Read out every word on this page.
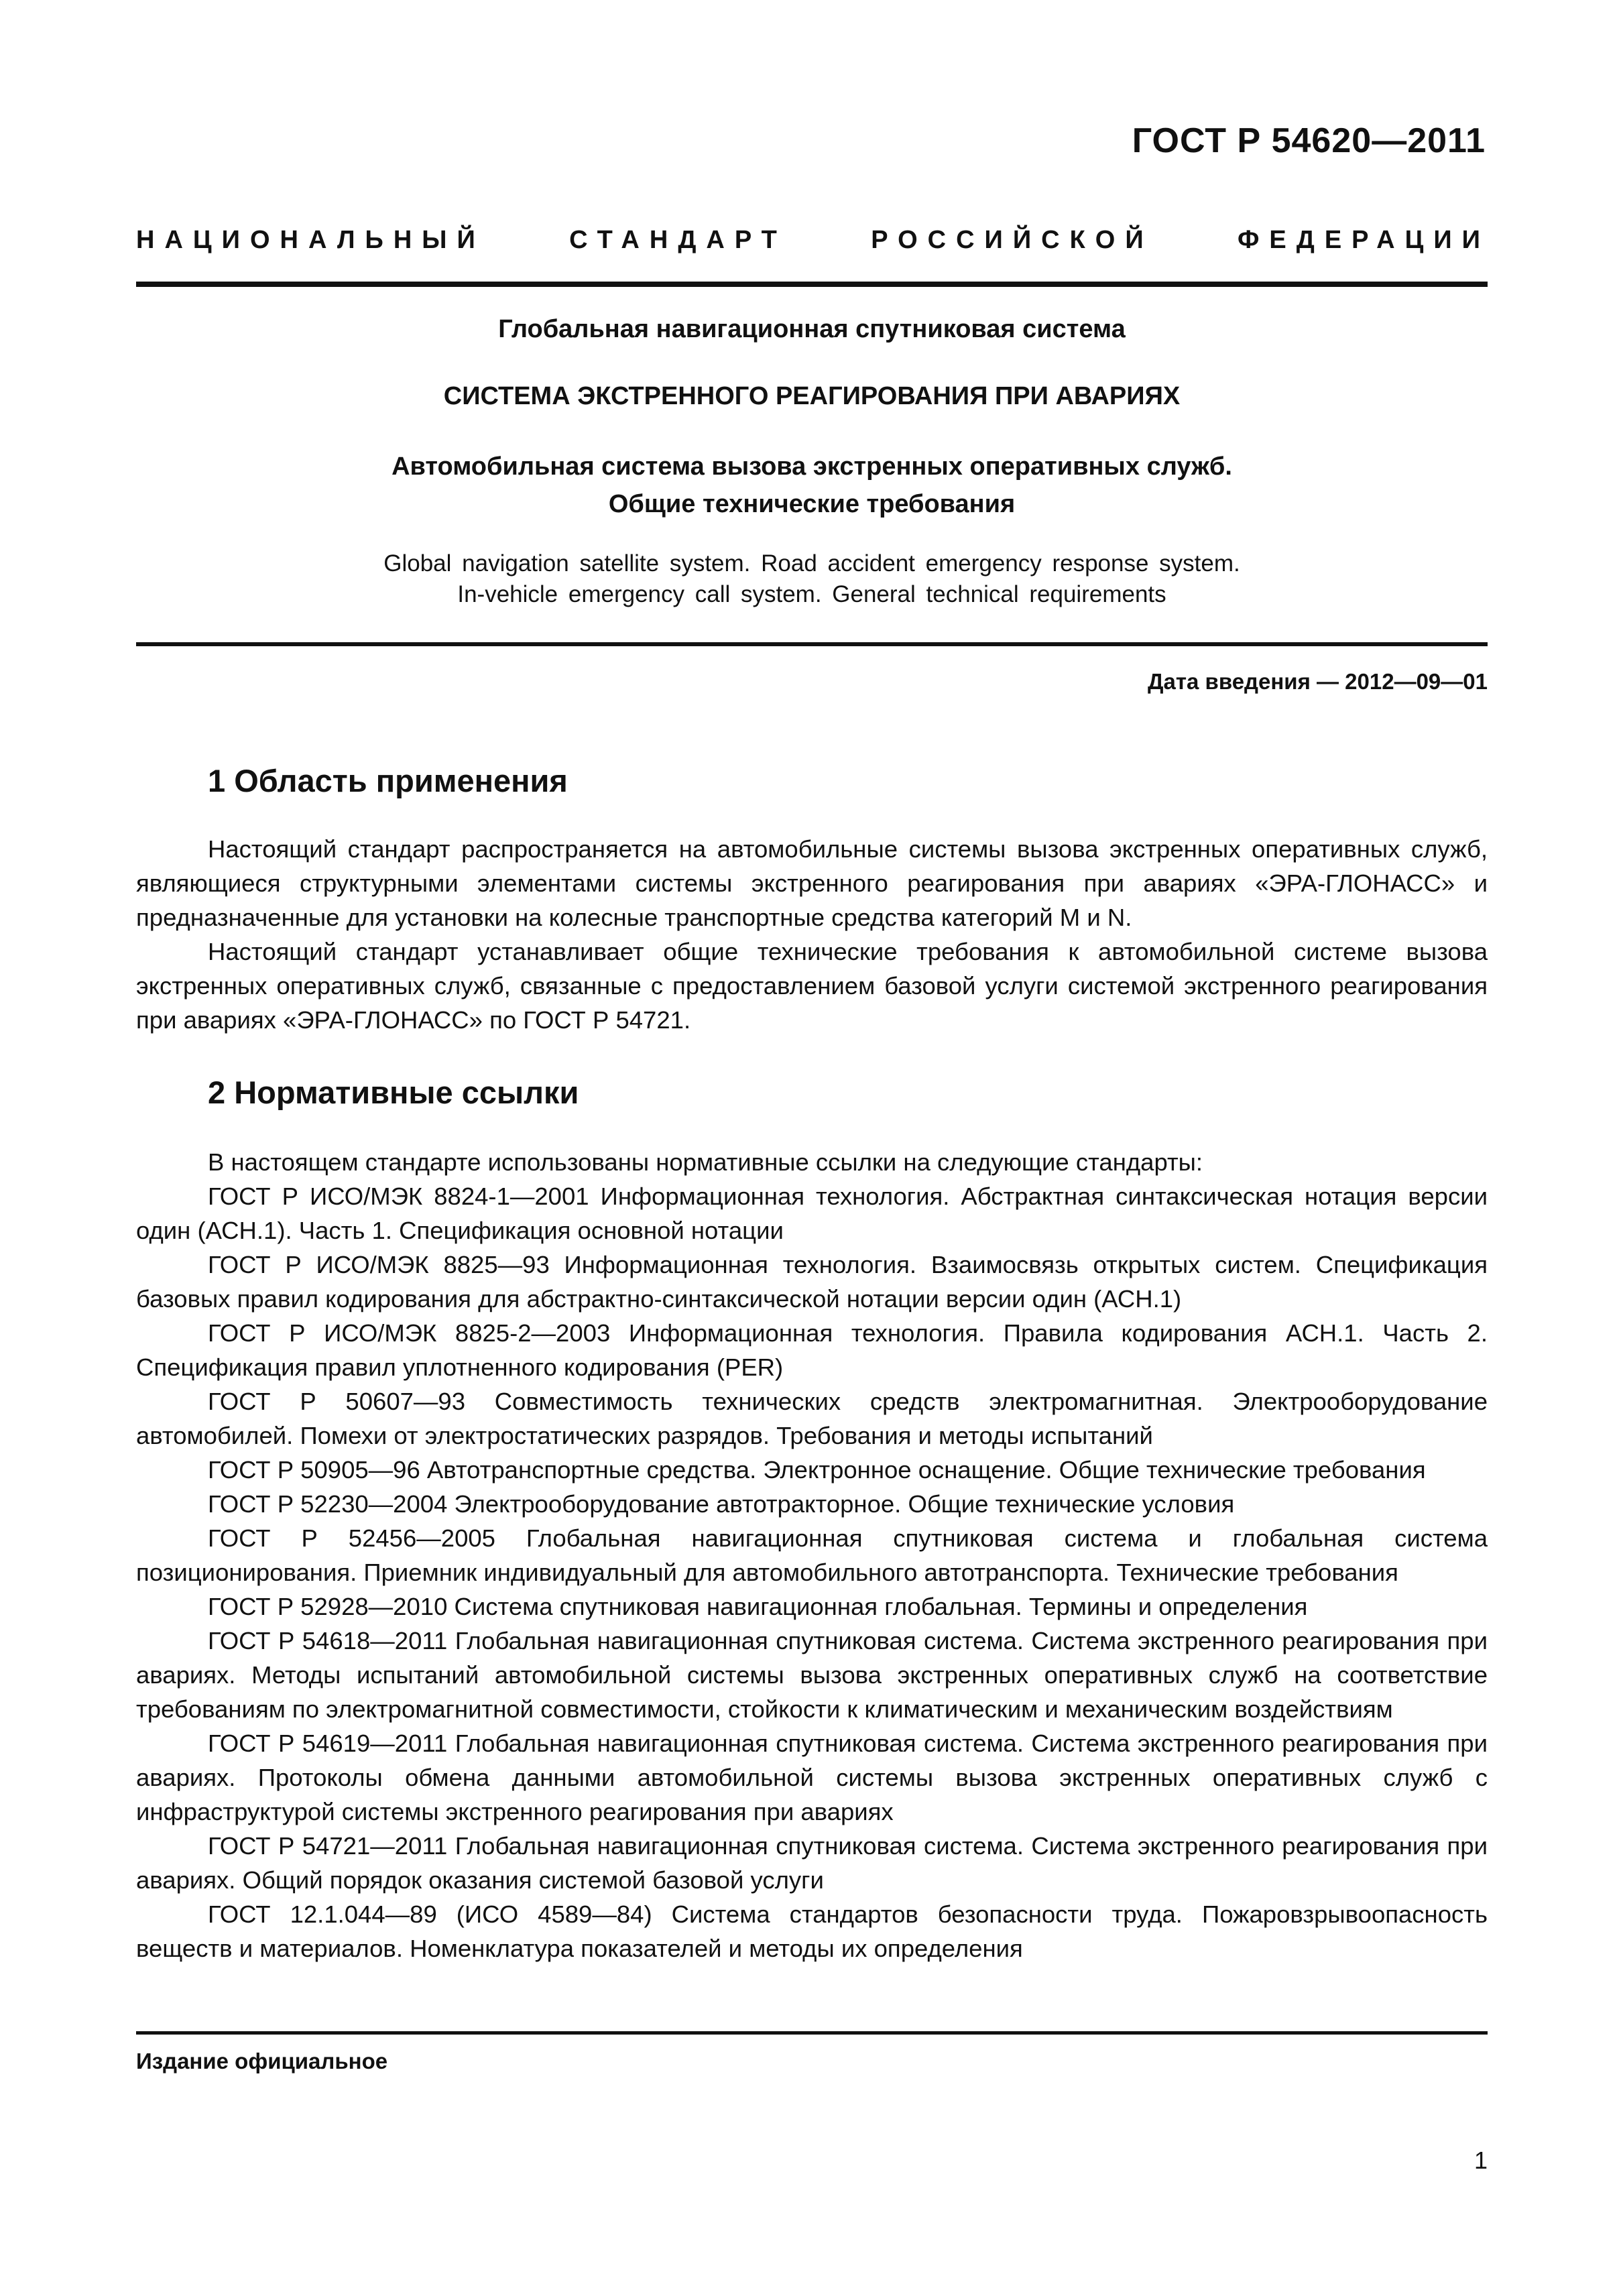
ГОСТ Р 54620—2011
НАЦИОНАЛЬНЫЙ СТАНДАРТ РОССИЙСКОЙ ФЕДЕРАЦИИ
Глобальная навигационная спутниковая система
СИСТЕМА ЭКСТРЕННОГО РЕАГИРОВАНИЯ ПРИ АВАРИЯХ
Автомобильная система вызова экстренных оперативных служб.
Общие технические требования
Global navigation satellite system. Road accident emergency response system.
In-vehicle emergency call system. General technical requirements
Дата введения — 2012—09—01
1 Область применения

Настоящий стандарт распространяется на автомобильные системы вызова экстренных оперативных служб, являющиеся структурными элементами системы экстренного реагирования при авариях «ЭРА-ГЛОНАСС» и предназначенные для установки на колесные транспортные средства категорий M и N.

Настоящий стандарт устанавливает общие технические требования к автомобильной системе вызова экстренных оперативных служб, связанные с предоставлением базовой услуги системой экстренного реагирования при авариях «ЭРА-ГЛОНАСС» по ГОСТ Р 54721.

2 Нормативные ссылки

В настоящем стандарте использованы нормативные ссылки на следующие стандарты:

ГОСТ Р ИСО/МЭК 8824-1—2001 Информационная технология. Абстрактная синтаксическая нотация версии один (АСН.1). Часть 1. Спецификация основной нотации

ГОСТ Р ИСО/МЭК 8825—93 Информационная технология. Взаимосвязь открытых систем. Спецификация базовых правил кодирования для абстрактно-синтаксической нотации версии один (АСН.1)

ГОСТ Р ИСО/МЭК 8825-2—2003 Информационная технология. Правила кодирования АСН.1. Часть 2. Спецификация правил уплотненного кодирования (PER)

ГОСТ Р 50607—93 Совместимость технических средств электромагнитная. Электрооборудование автомобилей. Помехи от электростатических разрядов. Требования и методы испытаний

ГОСТ Р 50905—96 Автотранспортные средства. Электронное оснащение. Общие технические требования

ГОСТ Р 52230—2004 Электрооборудование автотракторное. Общие технические условия

ГОСТ Р 52456—2005 Глобальная навигационная спутниковая система и глобальная система позиционирования. Приемник индивидуальный для автомобильного автотранспорта. Технические требования

ГОСТ Р 52928—2010 Система спутниковая навигационная глобальная. Термины и определения

ГОСТ Р 54618—2011 Глобальная навигационная спутниковая система. Система экстренного реагирования при авариях. Методы испытаний автомобильной системы вызова экстренных оперативных служб на соответствие требованиям по электромагнитной совместимости, стойкости к климатическим и механическим воздействиям

ГОСТ Р 54619—2011 Глобальная навигационная спутниковая система. Система экстренного реагирования при авариях. Протоколы обмена данными автомобильной системы вызова экстренных оперативных служб с инфраструктурой системы экстренного реагирования при авариях

ГОСТ Р 54721—2011 Глобальная навигационная спутниковая система. Система экстренного реагирования при авариях. Общий порядок оказания системой базовой услуги

ГОСТ 12.1.044—89 (ИСО 4589—84) Система стандартов безопасности труда. Пожаровзрывоопасность веществ и материалов. Номенклатура показателей и методы их определения

Издание официальное
1
